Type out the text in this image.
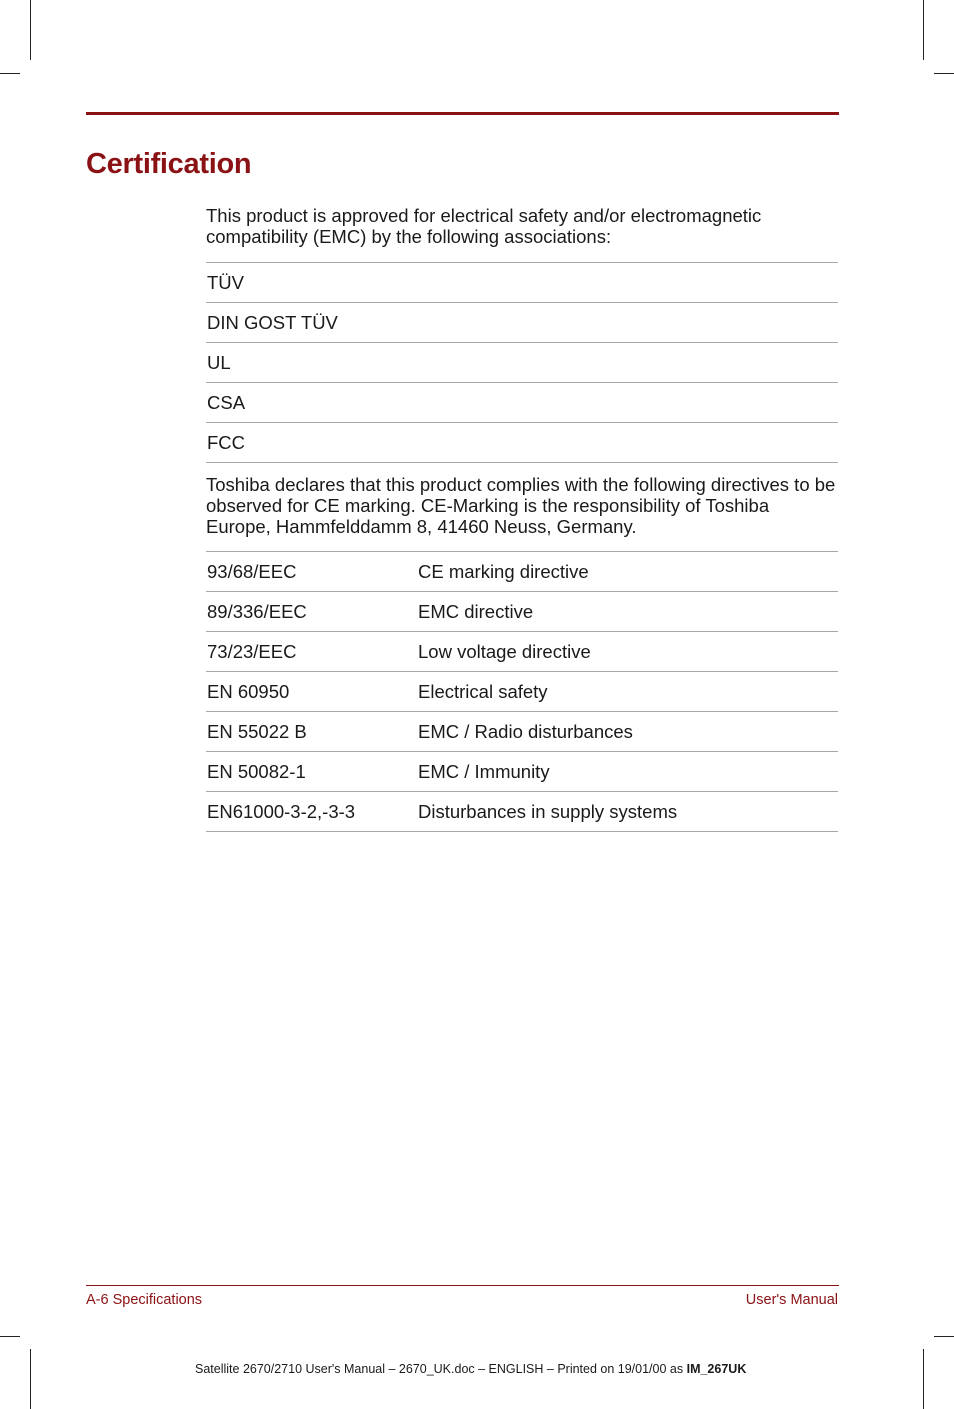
Certification

This product is approved for electrical safety and/or electromagnetic compatibility (EMC) by the following associations:

TÜV
DIN GOST TÜV
UL
CSA
FCC

Toshiba declares that this product complies with the following directives to be observed for CE marking. CE-Marking is the responsibility of Toshiba Europe, Hammfelddamm 8, 41460 Neuss, Germany.

93/68/EEC	CE marking directive
89/336/EEC	EMC directive
73/23/EEC	Low voltage directive
EN 60950	Electrical safety
EN 55022 B	EMC / Radio disturbances
EN 50082-1	EMC / Immunity
EN61000-3-2,-3-3	Disturbances in supply systems
A-6 Specifications	User's Manual
Satellite 2670/2710 User's Manual – 2670_UK.doc – ENGLISH – Printed on 19/01/00 as IM_267UK
